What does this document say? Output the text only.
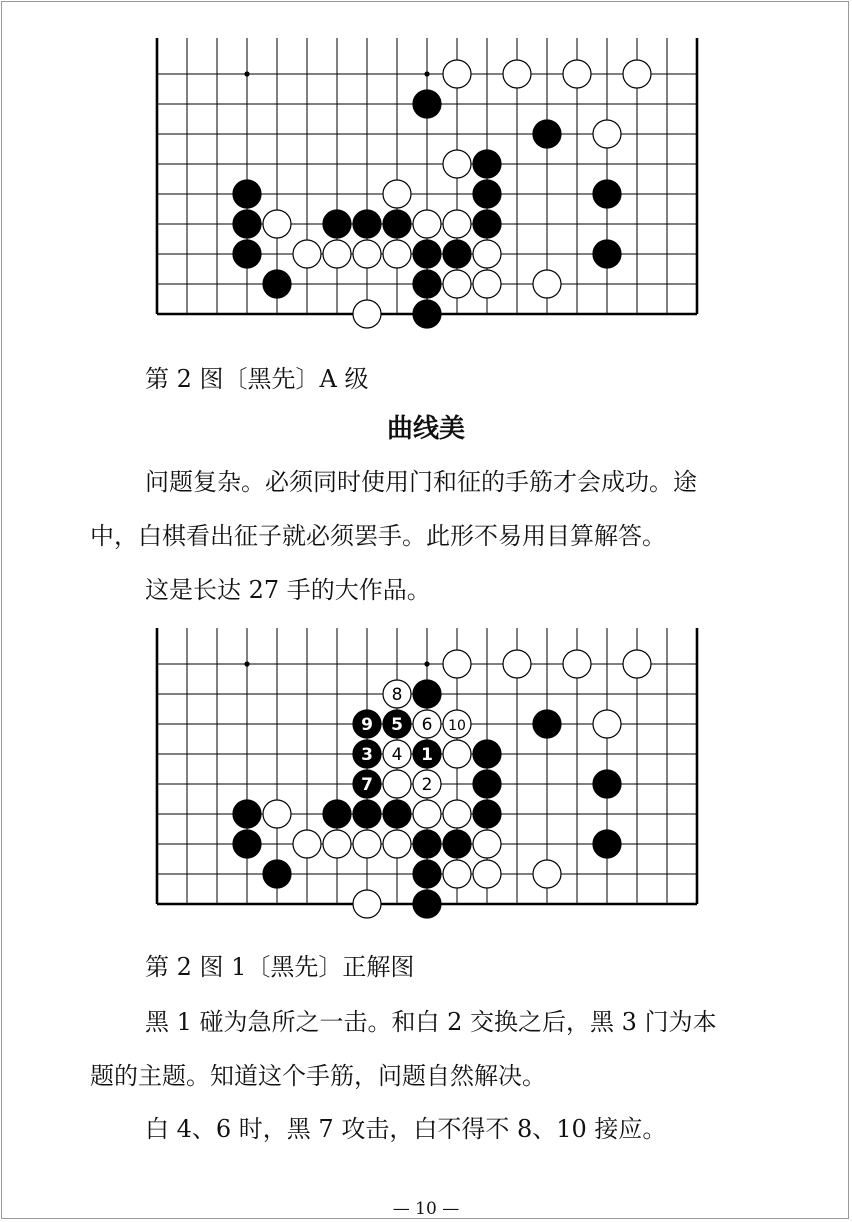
第 2 图〔黑先〕A 级
曲线美
问题复杂。必须同时使用门和征的手筋才会成功。途
中，白棋看出征子就必须罢手。此形不易用目算解答。
这是长达 27 手的大作品。
8
9 5 6 10
3 4 1
7	2
第 2 图 1〔黑先〕正解图
黑 1 碰为急所之一击。和白 2 交换之后，黑 3 门为本
题的主题。知道这个手筋，问题自然解决。
白 4、6 时，黑 7 攻击，白不得不 8、10 接应。
— 10 —
